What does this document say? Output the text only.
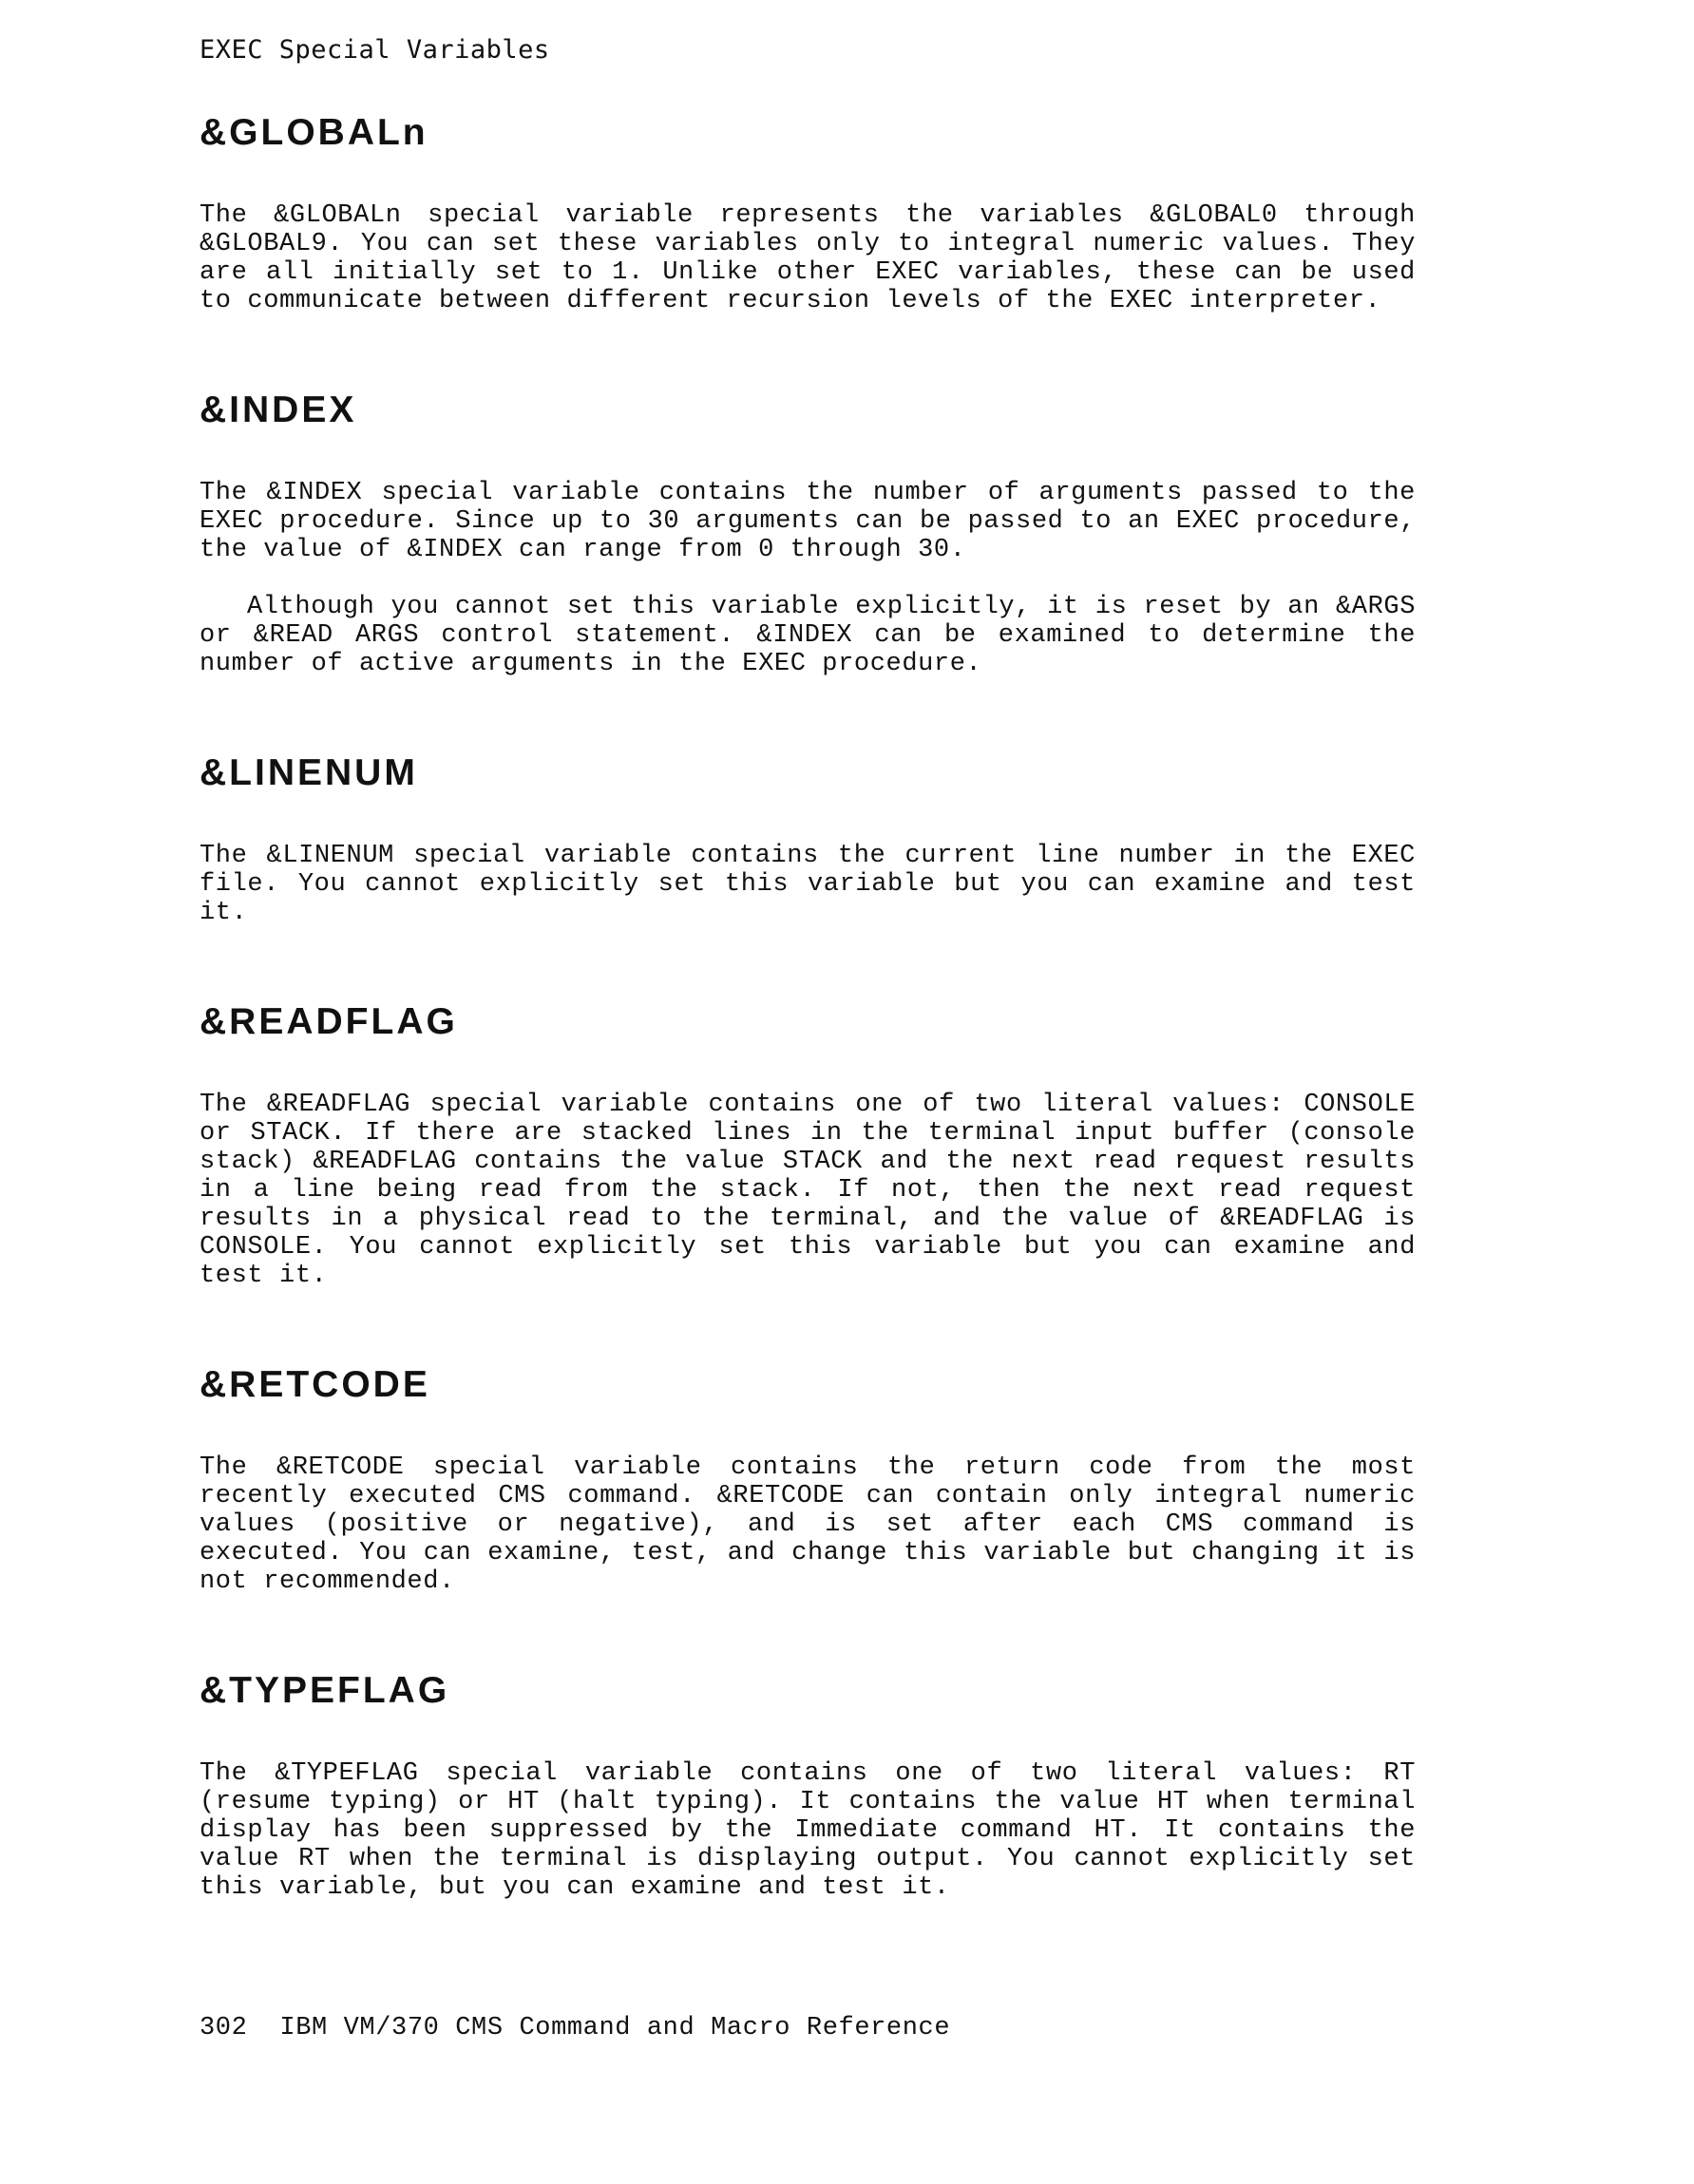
EXEC Special Variables
&GLOBALn

The &GLOBALn special variable represents the variables &GLOBAL0 through &GLOBAL9. You can set these variables only to integral numeric values. They are all initially set to 1. Unlike other EXEC variables, these can be used to communicate between different recursion levels of the EXEC interpreter.

&INDEX

The &INDEX special variable contains the number of arguments passed to the EXEC procedure. Since up to 30 arguments can be passed to an EXEC procedure, the value of &INDEX can range from 0 through 30.

Although you cannot set this variable explicitly, it is reset by an &ARGS or &READ ARGS control statement. &INDEX can be examined to determine the number of active arguments in the EXEC procedure.

&LINENUM

The &LINENUM special variable contains the current line number in the EXEC file. You cannot explicitly set this variable but you can examine and test it.

&READFLAG

The &READFLAG special variable contains one of two literal values: CONSOLE or STACK. If there are stacked lines in the terminal input buffer (console stack) &READFLAG contains the value STACK and the next read request results in a line being read from the stack. If not, then the next read request results in a physical read to the terminal, and the value of &READFLAG is CONSOLE. You cannot explicitly set this variable but you can examine and test it.

&RETCODE

The &RETCODE special variable contains the return code from the most recently executed CMS command. &RETCODE can contain only integral numeric values (positive or negative), and is set after each CMS command is executed. You can examine, test, and change this variable but changing it is not recommended.

&TYPEFLAG

The &TYPEFLAG special variable contains one of two literal values: RT (resume typing) or HT (halt typing). It contains the value HT when terminal display has been suppressed by the Immediate command HT. It contains the value RT when the terminal is displaying output. You cannot explicitly set this variable, but you can examine and test it.

302 IBM VM/370 CMS Command and Macro Reference
